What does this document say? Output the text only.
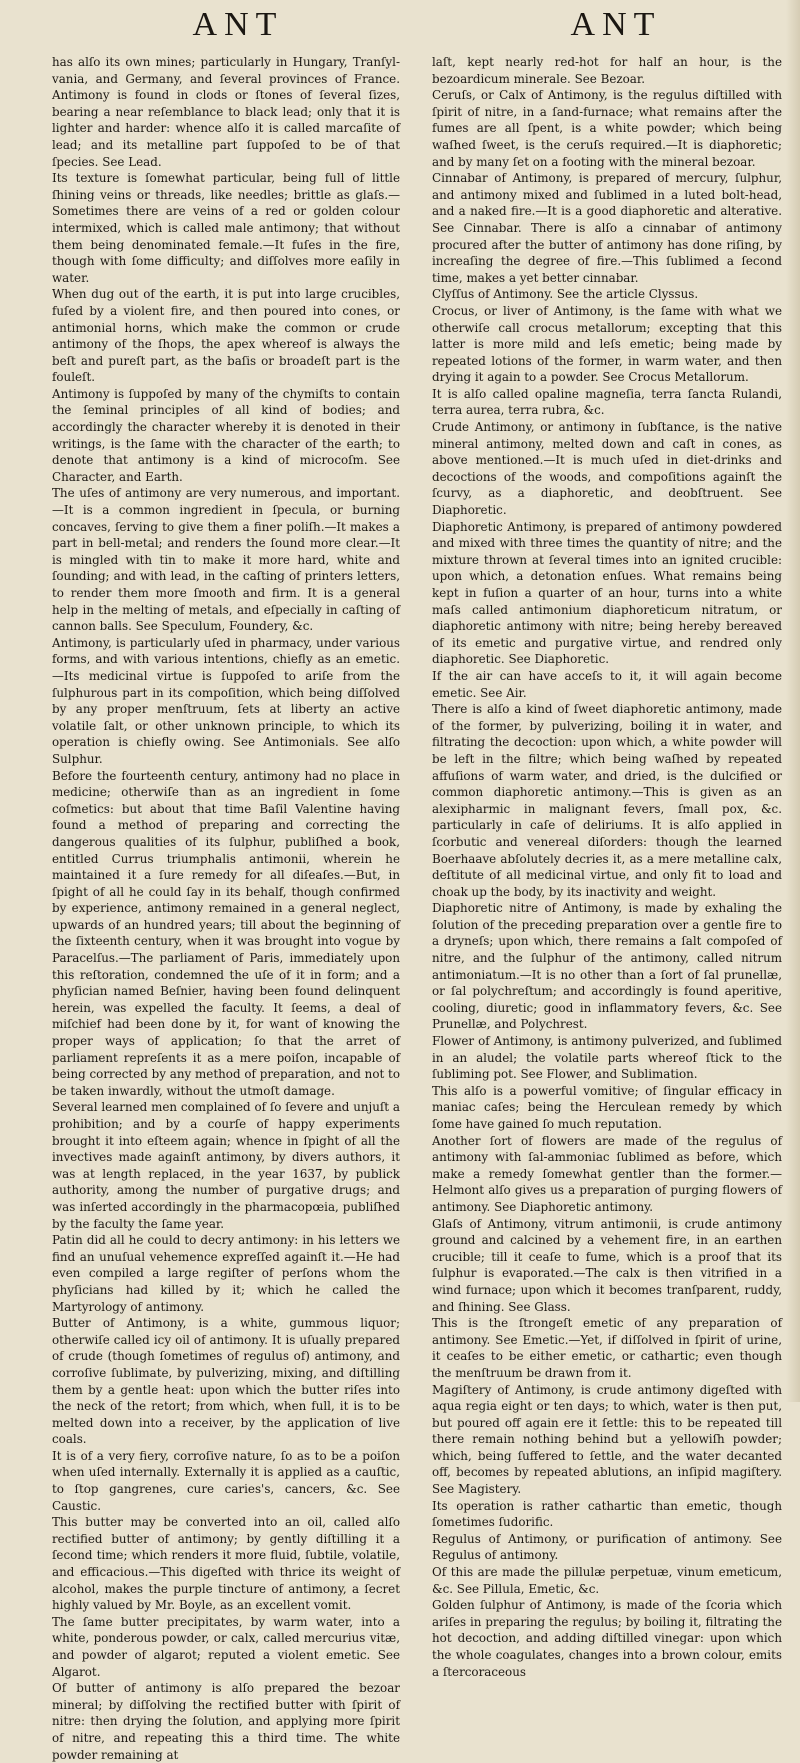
ANT	ANT

has alſo its own mines; particularly in Hungary, Tranſyl-vania, and Germany, and ſeveral provinces of France. Antimony is found in clods or ſtones of ſeveral ſizes, bearing a near reſemblance to black lead; only that it is lighter and harder: whence alſo it is called marcaſite of lead; and its metalline part ſuppoſed to be of that ſpecies. See Lead.

Its texture is ſomewhat particular, being full of little ſhining veins or threads, like needles; brittle as glaſs.—Sometimes there are veins of a red or golden colour intermixed, which is called male antimony; that without them being denominated female.—It fuſes in the fire, though with ſome difficulty; and diſſolves more eaſily in water.

When dug out of the earth, it is put into large crucibles, fuſed by a violent fire, and then poured into cones, or antimonial horns, which make the common or crude antimony of the ſhops, the apex whereof is always the beſt and pureſt part, as the baſis or broadeſt part is the fouleſt.

Antimony is ſuppoſed by many of the chymiſts to contain the ſeminal principles of all kind of bodies; and accordingly the character whereby it is denoted in their writings, is the ſame with the character of the earth; to denote that antimony is a kind of microcoſm. See Character, and Earth.

The uſes of antimony are very numerous, and important.—It is a common ingredient in ſpecula, or burning concaves, ſerving to give them a finer poliſh.—It makes a part in bell-metal; and renders the ſound more clear.—It is mingled with tin to make it more hard, white and ſounding; and with lead, in the caſting of printers letters, to render them more ſmooth and firm. It is a general help in the melting of metals, and eſpecially in caſting of cannon balls. See Speculum, Foundery, &c.

Antimony, is particularly uſed in pharmacy, under various forms, and with various intentions, chiefly as an emetic.—Its medicinal virtue is ſuppoſed to ariſe from the ſulphurous part in its compoſition, which being diſſolved by any proper menſtruum, ſets at liberty an active volatile ſalt, or other unknown principle, to which its operation is chiefly owing. See Antimonials. See alſo Sulphur.

Before the fourteenth century, antimony had no place in medicine; otherwiſe than as an ingredient in ſome coſmetics: but about that time Baſil Valentine having found a method of preparing and correcting the dangerous qualities of its ſulphur, publiſhed a book, entitled Currus triumphalis antimonii, wherein he maintained it a ſure remedy for all diſeaſes.—But, in ſpight of all he could ſay in its behalf, though confirmed by experience, antimony remained in a general neglect, upwards of an hundred years; till about the beginning of the ſixteenth century, when it was brought into vogue by Paracelſus.—The parliament of Paris, immediately upon this reſtoration, condemned the uſe of it in form; and a phyſician named Beſnier, having been found delinquent herein, was expelled the faculty. It ſeems, a deal of miſchief had been done by it, for want of knowing the proper ways of application; ſo that the arret of parliament repreſents it as a mere poiſon, incapable of being corrected by any method of preparation, and not to be taken inwardly, without the utmoſt damage.

Several learned men complained of ſo ſevere and unjuſt a prohibition; and by a courſe of happy experiments brought it into eſteem again; whence in ſpight of all the invectives made againſt antimony, by divers authors, it was at length replaced, in the year 1637, by publick authority, among the number of purgative drugs; and was inſerted accordingly in the pharmacopœia, publiſhed by the faculty the ſame year.

Patin did all he could to decry antimony: in his letters we find an unuſual vehemence expreſſed againſt it.—He had even compiled a large regiſter of perſons whom the phyſicians had killed by it; which he called the Martyrology of antimony.

Butter of Antimony, is a white, gummous liquor; otherwiſe called icy oil of antimony. It is uſually prepared of crude (though ſometimes of regulus of) antimony, and corroſive ſublimate, by pulverizing, mixing, and diſtilling them by a gentle heat: upon which the butter riſes into the neck of the retort; from which, when full, it is to be melted down into a receiver, by the application of live coals.

It is of a very fiery, corroſive nature, ſo as to be a poiſon when uſed internally. Externally it is applied as a cauſtic, to ſtop gangrenes, cure caries's, cancers, &c. See Caustic.

This butter may be converted into an oil, called alſo rectified butter of antimony; by gently diſtilling it a ſecond time; which renders it more fluid, ſubtile, volatile, and efficacious.—This digeſted with thrice its weight of alcohol, makes the purple tincture of antimony, a ſecret highly valued by Mr. Boyle, as an excellent vomit.

The ſame butter precipitates, by warm water, into a white, ponderous powder, or calx, called mercurius vitæ, and powder of algarot; reputed a violent emetic. See Algarot.

Of butter of antimony is alſo prepared the bezoar mineral; by diſſolving the rectified butter with ſpirit of nitre: then drying the ſolution, and applying more ſpirit of nitre, and repeating this a third time. The white powder remaining at

laſt, kept nearly red-hot for half an hour, is the bezoardicum minerale. See Bezoar.

Ceruſs, or Calx of Antimony, is the regulus diſtilled with ſpirit of nitre, in a ſand-furnace; what remains after the fumes are all ſpent, is a white powder; which being waſhed ſweet, is the ceruſs required.—It is diaphoretic; and by many ſet on a footing with the mineral bezoar.

Cinnabar of Antimony, is prepared of mercury, ſulphur, and antimony mixed and ſublimed in a luted bolt-head, and a naked fire.—It is a good diaphoretic and alterative. See Cinnabar. There is alſo a cinnabar of antimony procured after the butter of antimony has done riſing, by increaſing the degree of fire.—This ſublimed a ſecond time, makes a yet better cinnabar.

Clyſſus of Antimony. See the article Clyssus.

Crocus, or liver of Antimony, is the ſame with what we otherwiſe call crocus metallorum; excepting that this latter is more mild and leſs emetic; being made by repeated lotions of the former, in warm water, and then drying it again to a powder. See Crocus Metallorum.

It is alſo called opaline magneſia, terra ſancta Rulandi, terra aurea, terra rubra, &c.

Crude Antimony, or antimony in ſubſtance, is the native mineral antimony, melted down and caſt in cones, as above mentioned.—It is much uſed in diet-drinks and decoctions of the woods, and compoſitions againſt the ſcurvy, as a diaphoretic, and deobſtruent. See Diaphoretic.

Diaphoretic Antimony, is prepared of antimony powdered and mixed with three times the quantity of nitre; and the mixture thrown at ſeveral times into an ignited crucible: upon which, a detonation enſues. What remains being kept in fuſion a quarter of an hour, turns into a white maſs called antimonium diaphoreticum nitratum, or diaphoretic antimony with nitre; being hereby bereaved of its emetic and purgative virtue, and rendred only diaphoretic. See Diaphoretic.

If the air can have acceſs to it, it will again become emetic. See Air.

There is alſo a kind of ſweet diaphoretic antimony, made of the former, by pulverizing, boiling it in water, and filtrating the decoction: upon which, a white powder will be left in the filtre; which being waſhed by repeated affuſions of warm water, and dried, is the dulcified or common diaphoretic antimony.—This is given as an alexipharmic in malignant fevers, ſmall pox, &c. particularly in caſe of deliriums. It is alſo applied in ſcorbutic and venereal diſorders: though the learned Boerhaave abſolutely decries it, as a mere metalline calx, deſtitute of all medicinal virtue, and only fit to load and choak up the body, by its inactivity and weight.

Diaphoretic nitre of Antimony, is made by exhaling the ſolution of the preceding preparation over a gentle fire to a dryneſs; upon which, there remains a ſalt compoſed of nitre, and the ſulphur of the antimony, called nitrum antimoniatum.—It is no other than a ſort of ſal prunellæ, or ſal polychreſtum; and accordingly is found aperitive, cooling, diuretic; good in inflammatory fevers, &c. See Prunellæ, and Polychrest.

Flower of Antimony, is antimony pulverized, and ſublimed in an aludel; the volatile parts whereof ſtick to the ſubliming pot. See Flower, and Sublimation.

This alſo is a powerful vomitive; of ſingular efficacy in maniac caſes; being the Herculean remedy by which ſome have gained ſo much reputation.

Another ſort of flowers are made of the regulus of antimony with ſal-ammoniac ſublimed as before, which make a remedy ſomewhat gentler than the former.—Helmont alſo gives us a preparation of purging flowers of antimony. See Diaphoretic antimony.

Glaſs of Antimony, vitrum antimonii, is crude antimony ground and calcined by a vehement fire, in an earthen crucible; till it ceaſe to fume, which is a proof that its ſulphur is evaporated.—The calx is then vitrified in a wind furnace; upon which it becomes tranſparent, ruddy, and ſhining. See Glass.

This is the ſtrongeſt emetic of any preparation of antimony. See Emetic.—Yet, if diſſolved in ſpirit of urine, it ceaſes to be either emetic, or cathartic; even though the menſtruum be drawn from it.

Magiſtery of Antimony, is crude antimony digeſted with aqua regia eight or ten days; to which, water is then put, but poured off again ere it ſettle: this to be repeated till there remain nothing behind but a yellowiſh powder; which, being ſuffered to ſettle, and the water decanted off, becomes by repeated ablutions, an inſipid magiſtery. See Magistery.

Its operation is rather cathartic than emetic, though ſometimes ſudorific.

Regulus of Antimony, or purification of antimony. See Regulus of antimony.

Of this are made the pillulæ perpetuæ, vinum emeticum, &c. See Pillula, Emetic, &c.

Golden ſulphur of Antimony, is made of the ſcoria which ariſes in preparing the regulus; by boiling it, filtrating the hot decoction, and adding diſtilled vinegar: upon which the whole coagulates, changes into a brown colour, emits a ſtercoraceous
